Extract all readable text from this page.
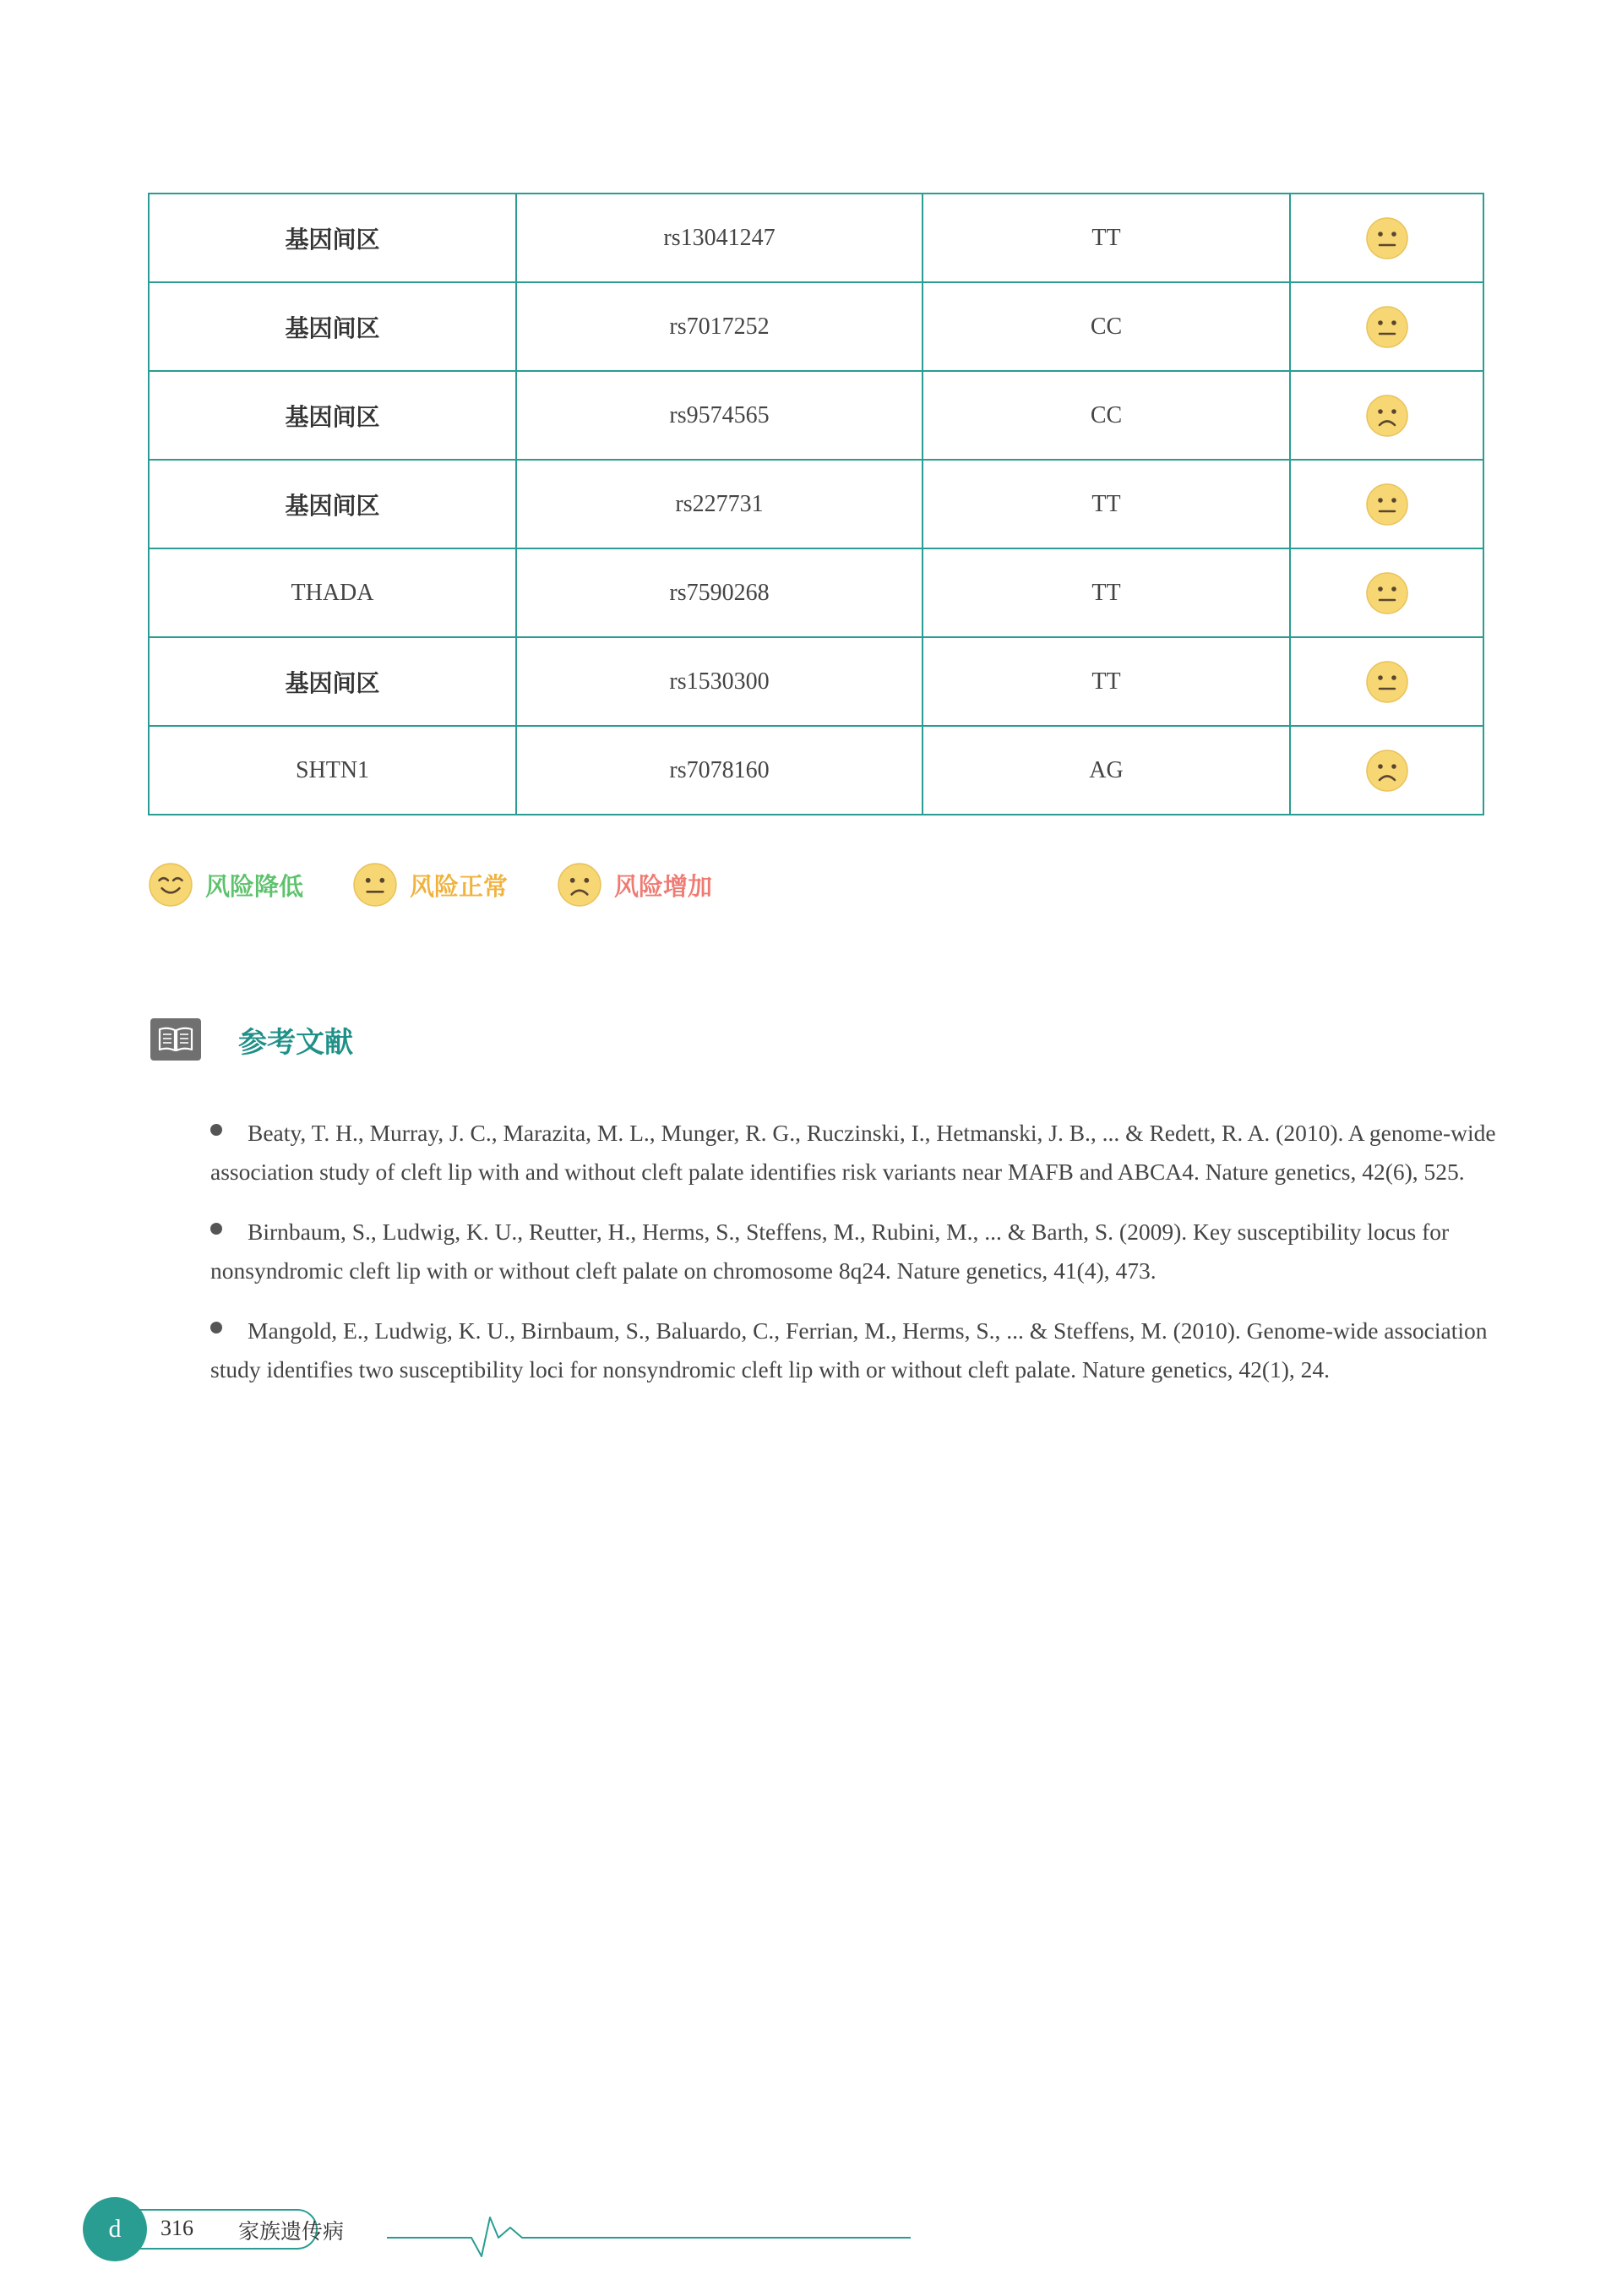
基因间区	rs13041247	TT	
基因间区	rs7017252	CC	
基因间区	rs9574565	CC	
基因间区	rs227731	TT	
THADA	rs7590268	TT	
基因间区	rs1530300	TT	
SHTN1	rs7078160	AG	
风险降低	风险正常	风险增加
参考文献
Beaty, T. H., Murray, J. C., Marazita, M. L., Munger, R. G., Ruczinski, I., Hetmanski, J. B., ... & Redett, R. A. (2010). A genome-wide association study of cleft lip with and without cleft palate identifies risk variants near MAFB and ABCA4. Nature genetics, 42(6), 525.
Birnbaum, S., Ludwig, K. U., Reutter, H., Herms, S., Steffens, M., Rubini, M., ... & Barth, S. (2009). Key susceptibility locus for nonsyndromic cleft lip with or without cleft palate on chromosome 8q24. Nature genetics, 41(4), 473.
Mangold, E., Ludwig, K. U., Birnbaum, S., Baluardo, C., Ferrian, M., Herms, S., ... & Steffens, M. (2010). Genome-wide association study identifies two susceptibility loci for nonsyndromic cleft lip with or without cleft palate. Nature genetics, 42(1), 24.
d	316 家族遗传病
